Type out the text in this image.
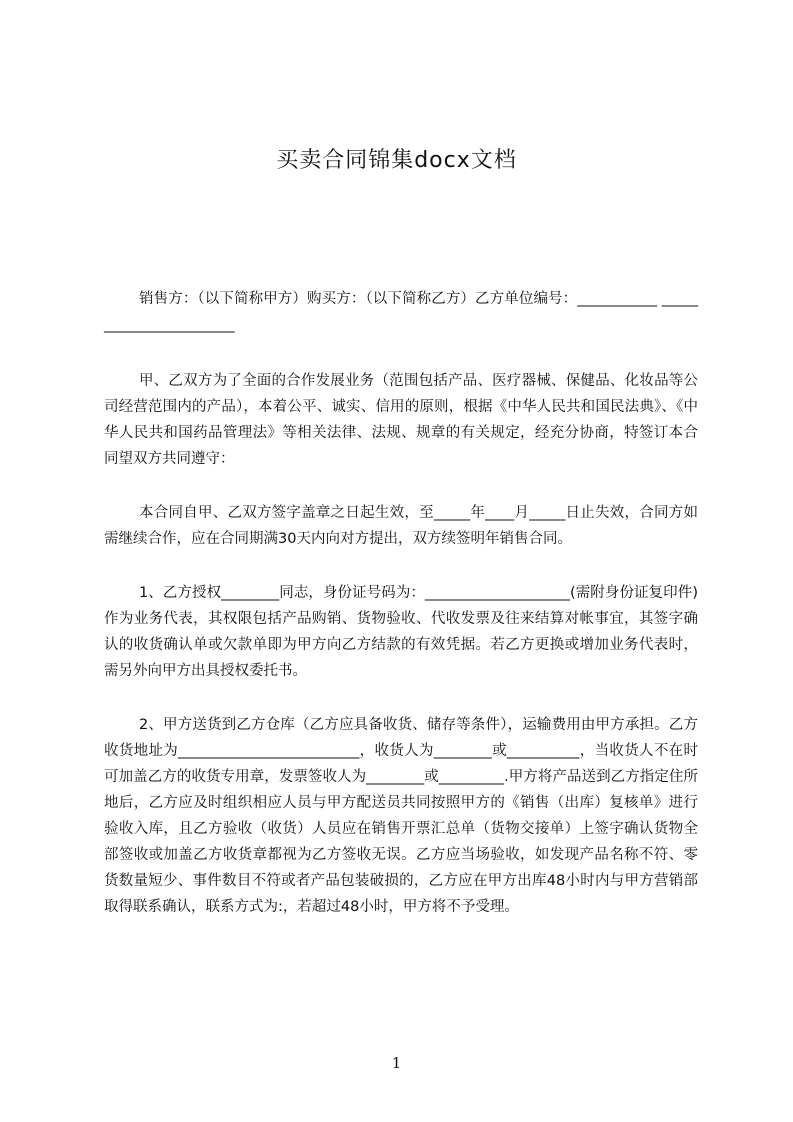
买卖合同锦集docx文档

销售方：（以下简称甲方）购买方：（以下简称乙方）乙方单位编号：___________ _______________________

甲、乙双方为了全面的合作发展业务（范围包括产品、医疗器械、保健品、化妆品等公司经营范围内的产品），本着公平、诚实、信用的原则，根据《中华人民共和国民法典》、《中华人民共和国药品管理法》等相关法律、法规、规章的有关规定，经充分协商，特签订本合同望双方共同遵守：

本合同自甲、乙双方签字盖章之日起生效，至_____年____月_____日止失效，合同方如需继续合作，应在合同期满30天内向对方提出，双方续签明年销售合同。

1、乙方授权________同志，身份证号码为：____________________(需附身份证复印件)作为业务代表，其权限包括产品购销、货物验收、代收发票及往来结算对帐事宜，其签字确认的收货确认单或欠款单即为甲方向乙方结款的有效凭据。若乙方更换或增加业务代表时，需另外向甲方出具授权委托书。

2、甲方送货到乙方仓库（乙方应具备收货、储存等条件），运输费用由甲方承担。乙方收货地址为_________________________，收货人为________或__________，当收货人不在时可加盖乙方的收货专用章，发票签收人为________或_________.甲方将产品送到乙方指定住所地后，乙方应及时组织相应人员与甲方配送员共同按照甲方的《销售（出库）复核单》进行验收入库，且乙方验收（收货）人员应在销售开票汇总单（货物交接单）上签字确认货物全部签收或加盖乙方收货章都视为乙方签收无误。乙方应当场验收，如发现产品名称不符、零货数量短少、事件数目不符或者产品包装破损的，乙方应在甲方出库48小时内与甲方营销部取得联系确认，联系方式为:，若超过48小时，甲方将不予受理。

1
